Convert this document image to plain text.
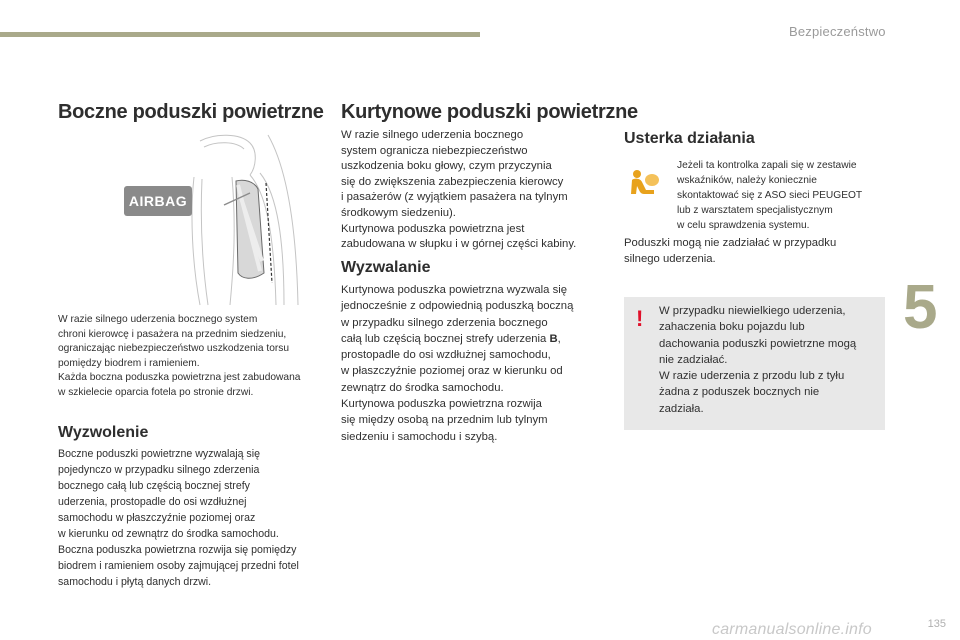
Bezpieczeństwo
5
Boczne poduszki powietrzne
AIRBAG
W razie silnego uderzenia bocznego system
chroni kierowcę i pasażera na przednim siedzeniu,
ograniczając niebezpieczeństwo uszkodzenia torsu
pomiędzy biodrem i ramieniem.
Każda boczna poduszka powietrzna jest zabudowana
w szkielecie oparcia fotela po stronie drzwi.
Wyzwolenie
Boczne poduszki powietrzne wyzwalają się
pojedynczo w przypadku silnego zderzenia
bocznego całą lub częścią bocznej strefy
uderzenia, prostopadle do osi wzdłużnej
samochodu w płaszczyźnie poziomej oraz
w kierunku od zewnątrz do środka samochodu.
Boczna poduszka powietrzna rozwija się pomiędzy
biodrem i ramieniem osoby zajmującej przedni fotel
samochodu i płytą danych drzwi.
Kurtynowe poduszki powietrzne
W razie silnego uderzenia bocznego
system ogranicza niebezpieczeństwo
uszkodzenia boku głowy, czym przyczynia
się do zwiększenia zabezpieczenia kierowcy
i pasażerów (z wyjątkiem pasażera na tylnym
środkowym siedzeniu).
Kurtynowa poduszka powietrzna jest
zabudowana w słupku i w górnej części kabiny.
Wyzwalanie
Kurtynowa poduszka powietrzna wyzwala się
jednocześnie z odpowiednią poduszką boczną
w przypadku silnego zderzenia bocznego
całą lub częścią bocznej strefy uderzenia B,
prostopadle do osi wzdłużnej samochodu,
w płaszczyźnie poziomej oraz w kierunku od
zewnątrz do środka samochodu.
Kurtynowa poduszka powietrzna rozwija
się między osobą na przednim lub tylnym
siedzeniu i samochodu i szybą.
Usterka działania
Jeżeli ta kontrolka zapali się w zestawie
wskaźników, należy koniecznie
skontaktować się z ASO sieci PEUGEOT
lub z warsztatem specjalistycznym
w celu sprawdzenia systemu.
Poduszki mogą nie zadziałać w przypadku
silnego uderzenia.
! W przypadku niewielkiego uderzenia,
zahaczenia boku pojazdu lub
dachowania poduszki powietrzne mogą
nie zadziałać.
W razie uderzenia z przodu lub z tyłu
żadna z poduszek bocznych nie
zadziała.
135
carmanualsonline.info
